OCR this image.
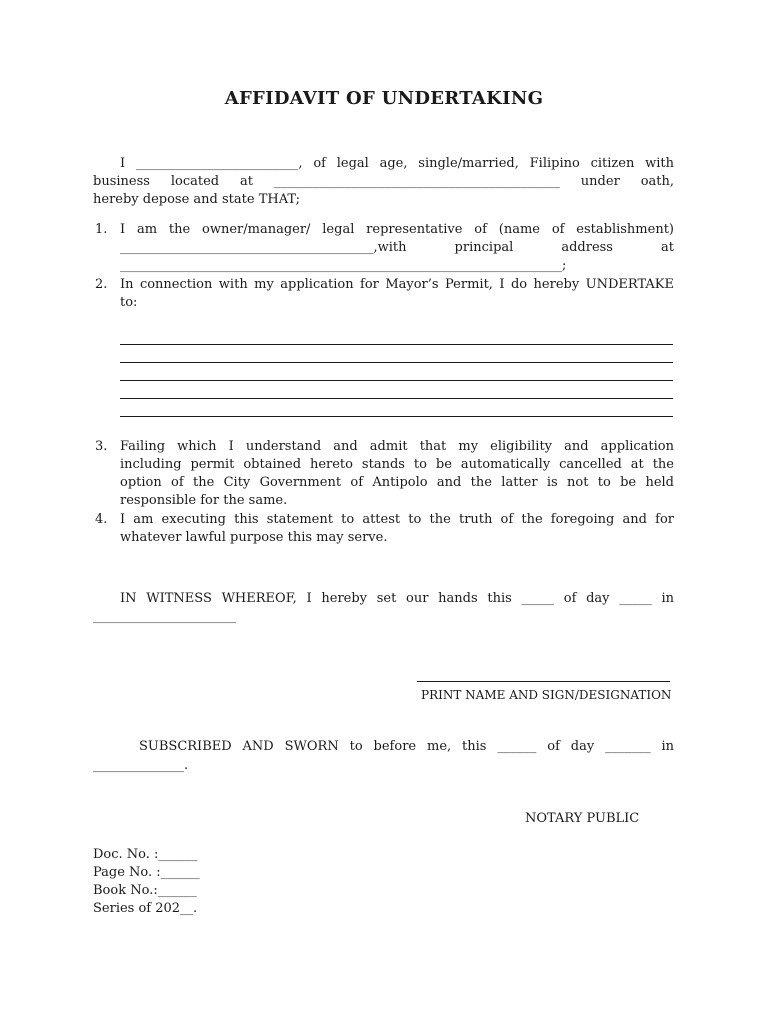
AFFIDAVIT OF UNDERTAKING
I _________________________, of legal age, single/married, Filipino citizen with
business located at ____________________________________________ under oath,
hereby depose and state THAT;
1. I am the owner/manager/ legal representative of (name of establishment)
_______________________________________,with principal address at
____________________________________________________________________;
2. In connection with my application for Mayor’s Permit, I do hereby UNDERTAKE
to:
3. Failing which I understand and admit that my eligibility and application
including permit obtained hereto stands to be automatically cancelled at the
option of the City Government of Antipolo and the latter is not to be held
responsible for the same.
4. I am executing this statement to attest to the truth of the foregoing and for
whatever lawful purpose this may serve.
IN WITNESS WHEREOF, I hereby set our hands this _____ of day _____ in
______________________
PRINT NAME AND SIGN/DESIGNATION
SUBSCRIBED AND SWORN to before me, this ______ of day _______ in
______________.
NOTARY PUBLIC
Doc. No. :______
Page No. :______
Book No.:______
Series of 202__.
